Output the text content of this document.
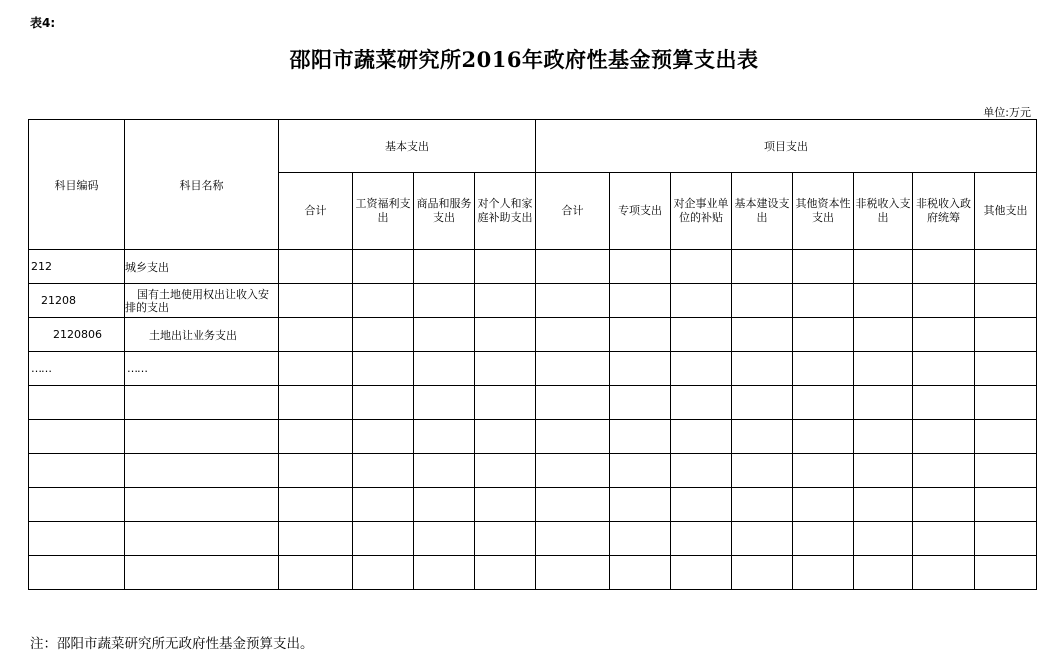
表4:
邵阳市蔬菜研究所2016年政府性基金预算支出表
单位:万元
科目编码	科目名称	基本支出				项目支出							
		合计	工资福利支出	商品和服务支出	对个人和家庭补助支出	合计	专项支出	对企事业单位的补贴	基本建设支出	其他资本性支出	非税收入支出	非税收入政府统筹	其他支出
212	城乡支出												
21208	国有土地使用权出让收入安排的支出												
2120806	土地出让业务支出												
……	……												

注：邵阳市蔬菜研究所无政府性基金预算支出。
